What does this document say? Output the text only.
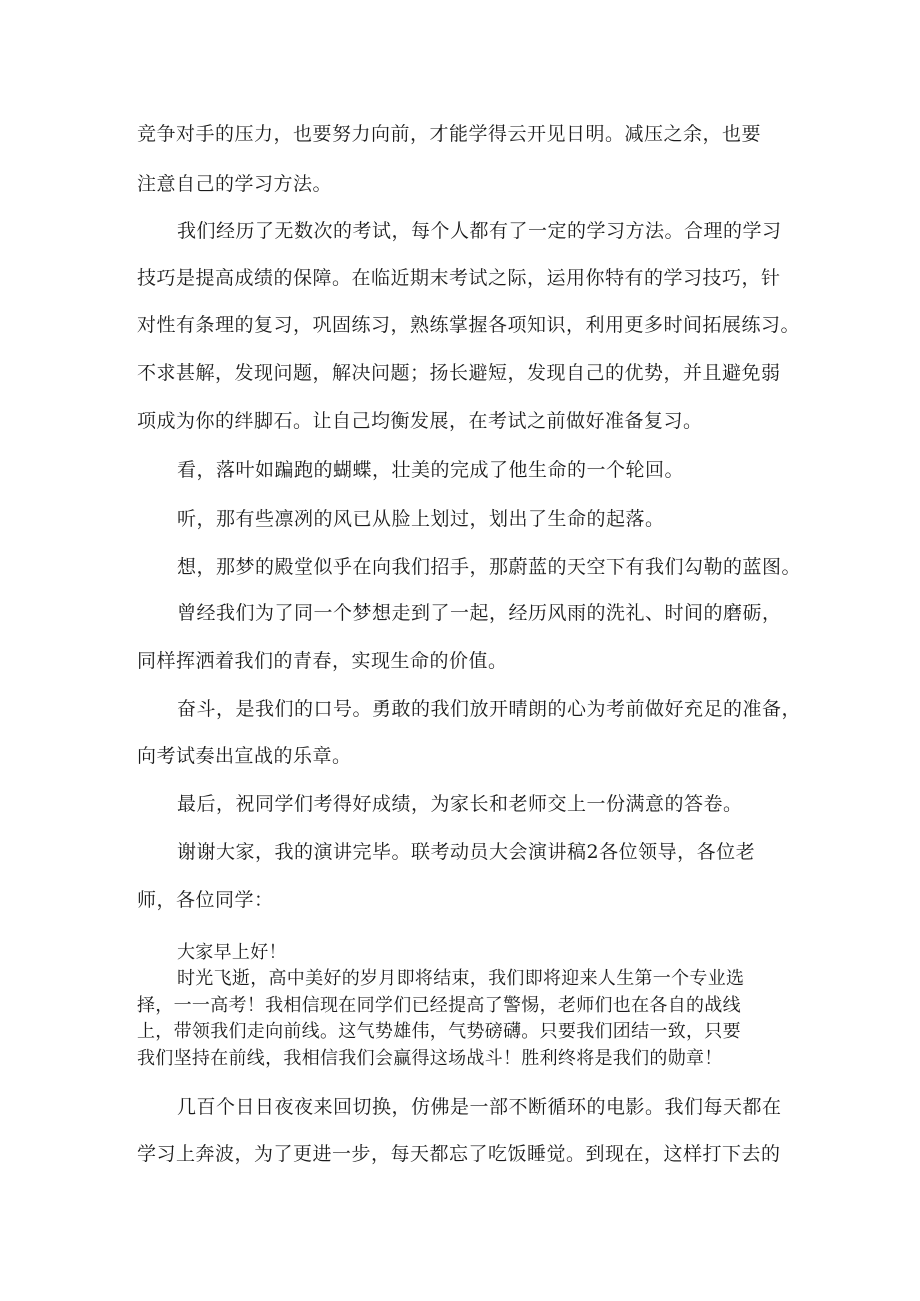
竞争对手的压力，也要努力向前，才能学得云开见日明。减压之余，也要
注意自己的学习方法。
我们经历了无数次的考试，每个人都有了一定的学习方法。合理的学习
技巧是提高成绩的保障。在临近期末考试之际，运用你特有的学习技巧，针
对性有条理的复习，巩固练习，熟练掌握各项知识，利用更多时间拓展练习。
不求甚解，发现问题，解决问题；扬长避短，发现自己的优势，并且避免弱
项成为你的绊脚石。让自己均衡发展，在考试之前做好准备复习。
看，落叶如蹁跑的蝴蝶，壮美的完成了他生命的一个轮回。
听，那有些凛冽的风已从脸上划过，划出了生命的起落。
想，那梦的殿堂似乎在向我们招手，那蔚蓝的天空下有我们勾勒的蓝图。
曾经我们为了同一个梦想走到了一起，经历风雨的洗礼、时间的磨砺，
同样挥洒着我们的青春，实现生命的价值。
奋斗，是我们的口号。勇敢的我们放开晴朗的心为考前做好充足的准备，
向考试奏出宣战的乐章。
最后，祝同学们考得好成绩，为家长和老师交上一份满意的答卷。
谢谢大家，我的演讲完毕。联考动员大会演讲稿2各位领导，各位老
师，各位同学：
大家早上好！
时光飞逝，高中美好的岁月即将结束，我们即将迎来人生第一个专业选
择，一一高考！我相信现在同学们已经提高了警惕，老师们也在各自的战线
上，带领我们走向前线。这气势雄伟，气势磅礴。只要我们团结一致，只要
我们坚持在前线，我相信我们会赢得这场战斗！胜利终将是我们的勋章！
几百个日日夜夜来回切换，仿佛是一部不断循环的电影。我们每天都在
学习上奔波，为了更进一步，每天都忘了吃饭睡觉。到现在，这样打下去的
